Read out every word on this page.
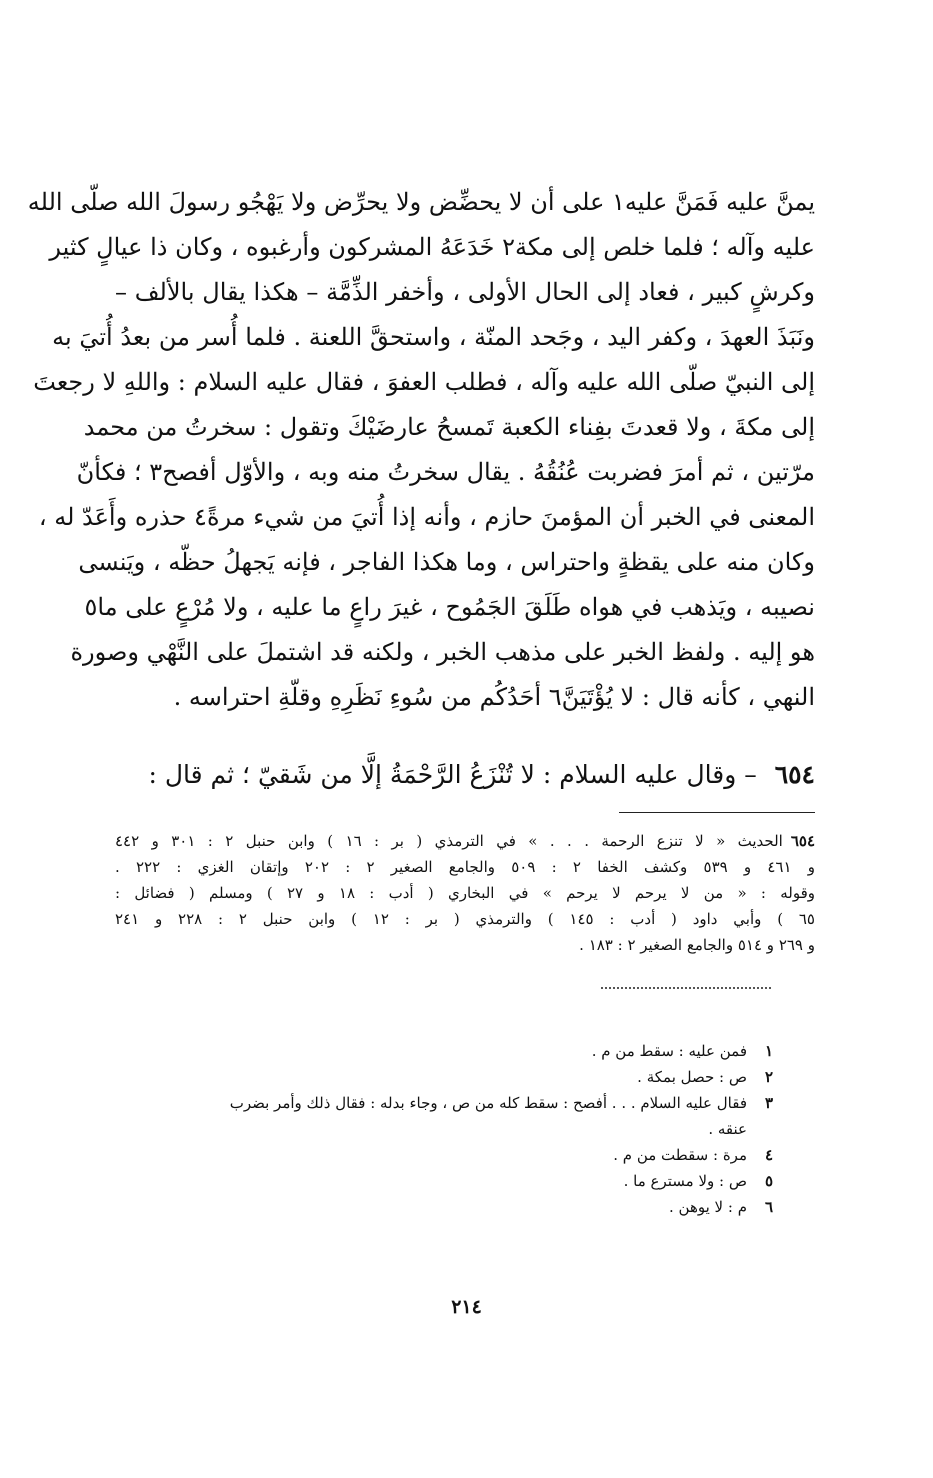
يمنَّ عليه فَمَنَّ عليه١ على أن لا يحضِّض ولا يحرِّض ولا يَهْجُو رسولَ الله صلّى الله
عليه وآله ؛ فلما خلص إلى مكة٢ خَدَعَهُ المشركون وأرغبوه ، وكان ذا عيالٍ كثير
وكرشٍ كبير ، فعاد إلى الحال الأولى ، وأخفر الذِّمَّة – هكذا يقال بالألف –
ونَبَذَ العهدَ ، وكفر اليد ، وجَحد المنّة ، واستحقَّ اللعنة . فلما أُسر من بعدُ أُتيَ به
إلى النبيّ صلّى الله عليه وآله ، فطلب العفوَ ، فقال عليه السلام : واللهِ لا رجعتَ
إلى مكةَ ، ولا قعدتَ بفِناء الكعبة تَمسحُ عارضَيْكَ وتقول : سخرتُ من محمد
مرّتين ، ثم أمرَ فضربت عُنُقُهُ . يقال سخرتُ منه وبه ، والأوّل أفصح٣ ؛ فكأنّ
المعنى في الخبر أن المؤمنَ حازم ، وأنه إذا أُتيَ من شيء مرةً٤ حذره وأَعَدّ له ،
وكان منه على يقظةٍ واحتراس ، وما هكذا الفاجر ، فإنه يَجهلُ حظّه ، ويَنسى
نصيبه ، ويَذهب في هواه طَلَقَ الجَمُوح ، غيرَ راعٍ ما عليه ، ولا مُرْعٍ على ما٥
هو إليه . ولفظ الخبر على مذهب الخبر ، ولكنه قد اشتملَ على النَّهْي وصورة
النهي ، كأنه قال : لا يُؤْتَيَنَّ٦ أحَدُكُم من سُوءِ نَظَرِهِ وقلّةِ احتراسه .
٦٥٤ – وقال عليه السلام : لا تُنْزَعُ الرَّحْمَةُ إلَّا من شَقيّ ؛ ثم قال :
٦٥٤الحديث « لا تنزع الرحمة . . . » في الترمذي ( بر : ١٦ ) وابن حنبل ٢ : ٣٠١ و ٤٤٢
و ٤٦١ و ٥٣٩ وكشف الخفا ٢ : ٥٠٩ والجامع الصغير ٢ : ٢٠٢ وإتقان الغزي : ٢٢٢ .
وقوله : « من لا يرحم لا يرحم » في البخاري ( أدب : ١٨ و ٢٧ ) ومسلم ( فضائل :
٦٥ ) وأبي داود ( أدب : ١٤٥ ) والترمذي ( بر : ١٢ ) وابن حنبل ٢ : ٢٢٨ و ٢٤١
و ٢٦٩ و ٥١٤ والجامع الصغير ٢ : ١٨٣ .
١فمن عليه : سقط من م .
٢ص : حصل بمكة .
٣فقال عليه السلام . . . أفصح : سقط كله من ص ، وجاء بدله : فقال ذلك وأمر بضرب
عنقه .
٤مرة : سقطت من م .
٥ص : ولا مسترع ما .
٦م : لا يوهن .
٢١٤
